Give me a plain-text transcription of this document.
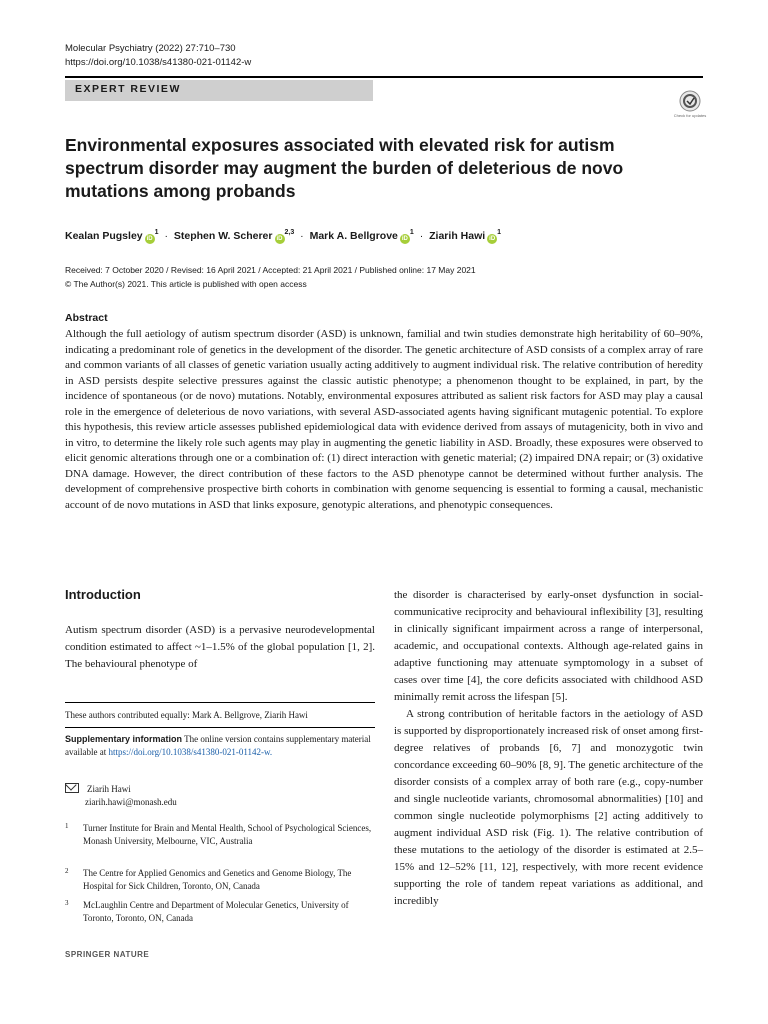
Molecular Psychiatry (2022) 27:710–730
https://doi.org/10.1038/s41380-021-01142-w
EXPERT REVIEW
Check for updates
Environmental exposures associated with elevated risk for autism spectrum disorder may augment the burden of deleterious de novo mutations among probands
Kealan Pugsley $iD^1$ · Stephen W. Scherer iD$^{2,3}$ · Mark A. Bellgrove $iD^1$ · Ziarih Hawi $iD^1$
Received: 7 October 2020 / Revised: 16 April 2021 / Accepted: 21 April 2021 / Published online: 17 May 2021
© The Author(s) 2021. This article is published with open access
Abstract

Although the full aetiology of autism spectrum disorder (ASD) is unknown, familial and twin studies demonstrate high heritability of 60–90%, indicating a predominant role of genetics in the development of the disorder. The genetic architecture of ASD consists of a complex array of rare and common variants of all classes of genetic variation usually acting additively to augment individual risk. The relative contribution of heredity in ASD persists despite selective pressures against the classic autistic phenotype; a phenomenon thought to be explained, in part, by the incidence of spontaneous (or de novo) mutations. Notably, environmental exposures attributed as salient risk factors for ASD may play a causal role in the emergence of deleterious de novo variations, with several ASD-associated agents having significant mutagenic potential. To explore this hypothesis, this review article assesses published epidemiological data with evidence derived from assays of mutagenicity, both in vivo and in vitro, to determine the likely role such agents may play in augmenting the genetic liability in ASD. Broadly, these exposures were observed to elicit genomic alterations through one or a combination of: (1) direct interaction with genetic material; (2) impaired DNA repair; or (3) oxidative DNA damage. However, the direct contribution of these factors to the ASD phenotype cannot be determined without further analysis. The development of comprehensive prospective birth cohorts in combination with genome sequencing is essential to forming a causal, mechanistic account of de novo mutations in ASD that links exposure, genotypic alterations, and phenotypic consequences.

Introduction

Autism spectrum disorder (ASD) is a pervasive neurodevelopmental condition estimated to affect ~1–1.5% of the global population [1, 2]. The behavioural phenotype of

These authors contributed equally: Mark A. Bellgrove, Ziarih Hawi
Supplementary information The online version contains supplementary material available at https://doi.org/10.1038/s41380-021-01142-w.
Ziarih Hawi
ziarih.hawi@monash.edu
1 Turner Institute for Brain and Mental Health, School of Psychological Sciences, Monash University, Melbourne, VIC, Australia
2 The Centre for Applied Genomics and Genetics and Genome Biology, The Hospital for Sick Children, Toronto, ON, Canada
3 McLaughlin Centre and Department of Molecular Genetics, University of Toronto, Toronto, ON, Canada
SPRINGER NATURE
the disorder is characterised by early-onset dysfunction in social-communicative reciprocity and behavioural inflexibility [3], resulting in clinically significant impairment across a range of interpersonal, academic, and occupational contexts. Although age-related gains in adaptive functioning may attenuate symptomology in a subset of cases over time [4], the core deficits associated with childhood ASD minimally remit across the lifespan [5].
A strong contribution of heritable factors in the aetiology of ASD is supported by disproportionately increased risk of onset among first-degree relatives of probands [6, 7] and monozygotic twin concordance exceeding 60–90% [8, 9]. The genetic architecture of the disorder consists of a complex array of both rare (e.g., copy-number and single nucleotide variants, chromosomal abnormalities) [10] and common single nucleotide polymorphisms [2] acting additively to augment individual ASD risk (Fig. 1). The relative contribution of these mutations to the aetiology of the disorder is estimated at 2.5–15% and 12–52% [11, 12], respectively, with more recent evidence supporting the role of tandem repeat variations as additional, and incredibly
